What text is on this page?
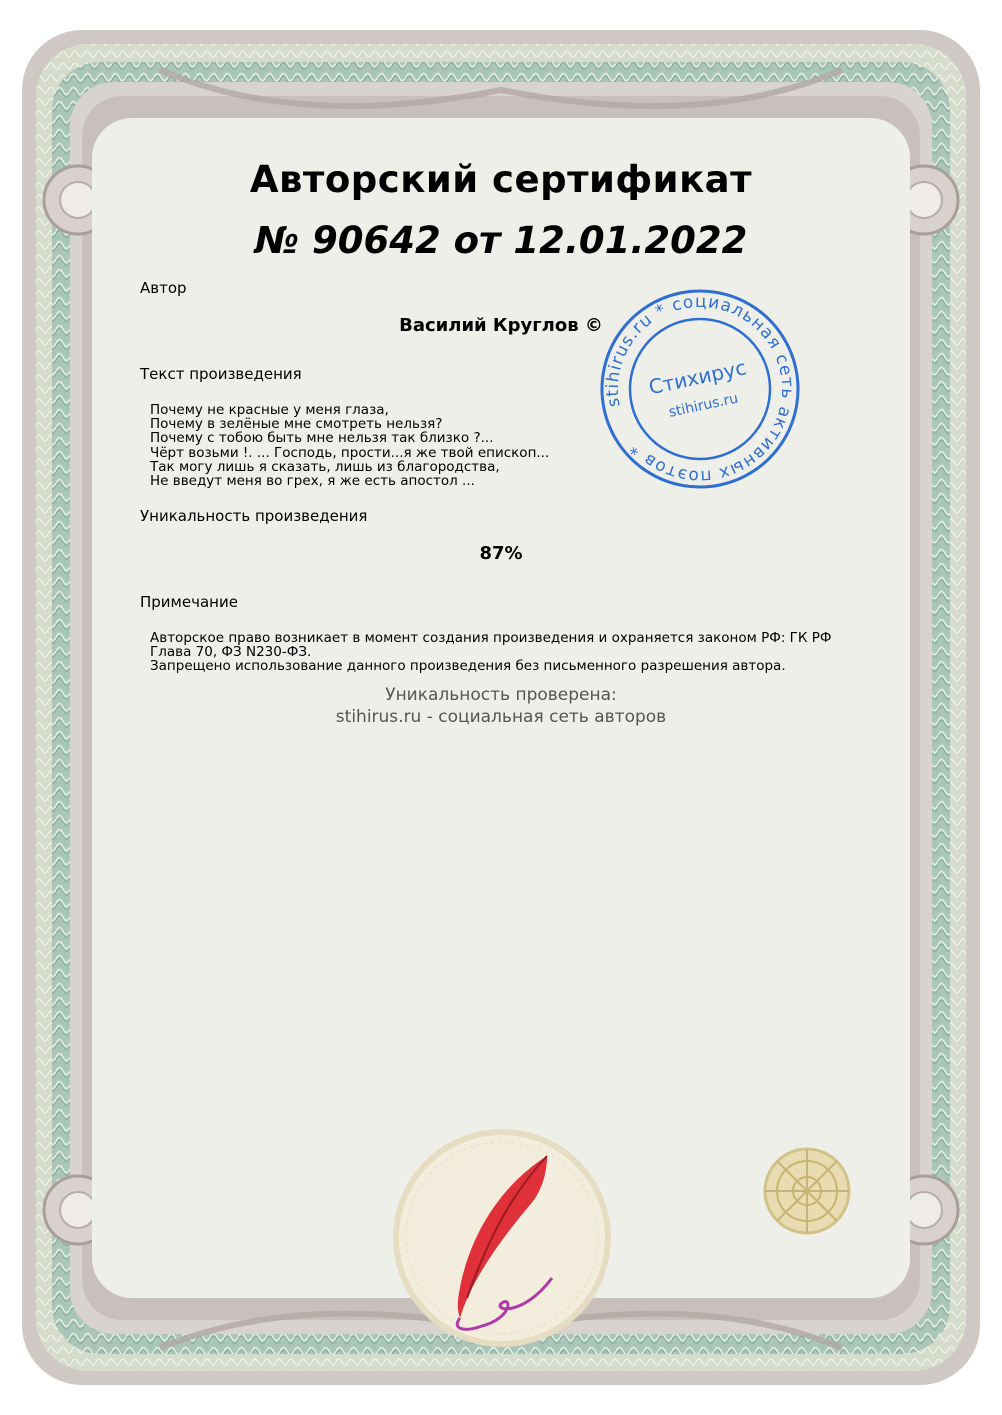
Авторский сертификат
№ 90642 от 12.01.2022
Автор
Василий Круглов ©
Текст произведения
Почему не красные у меня глаза,
Почему в зелёные мне смотреть нельзя?
Почему с тобою быть мне нельзя так близко ?...
Чёрт возьми !. ... Господь, прости...я же твой епископ...
Так могу лишь я сказать, лишь из благородства,
Не введут меня во грех, я же есть апостол ...
Уникальность произведения
87%
Примечание
Авторское право возникает в момент создания произведения и охраняется законом РФ: ГК РФ Глава 70, ФЗ N230-ФЗ.
Запрещено использование данного произведения без письменного разрешения автора.
Уникальность проверена:
stihirus.ru - социальная сеть авторов
stihirus.ru * социальная сеть активных поэтов *
Стихирус
stihirus.ru
